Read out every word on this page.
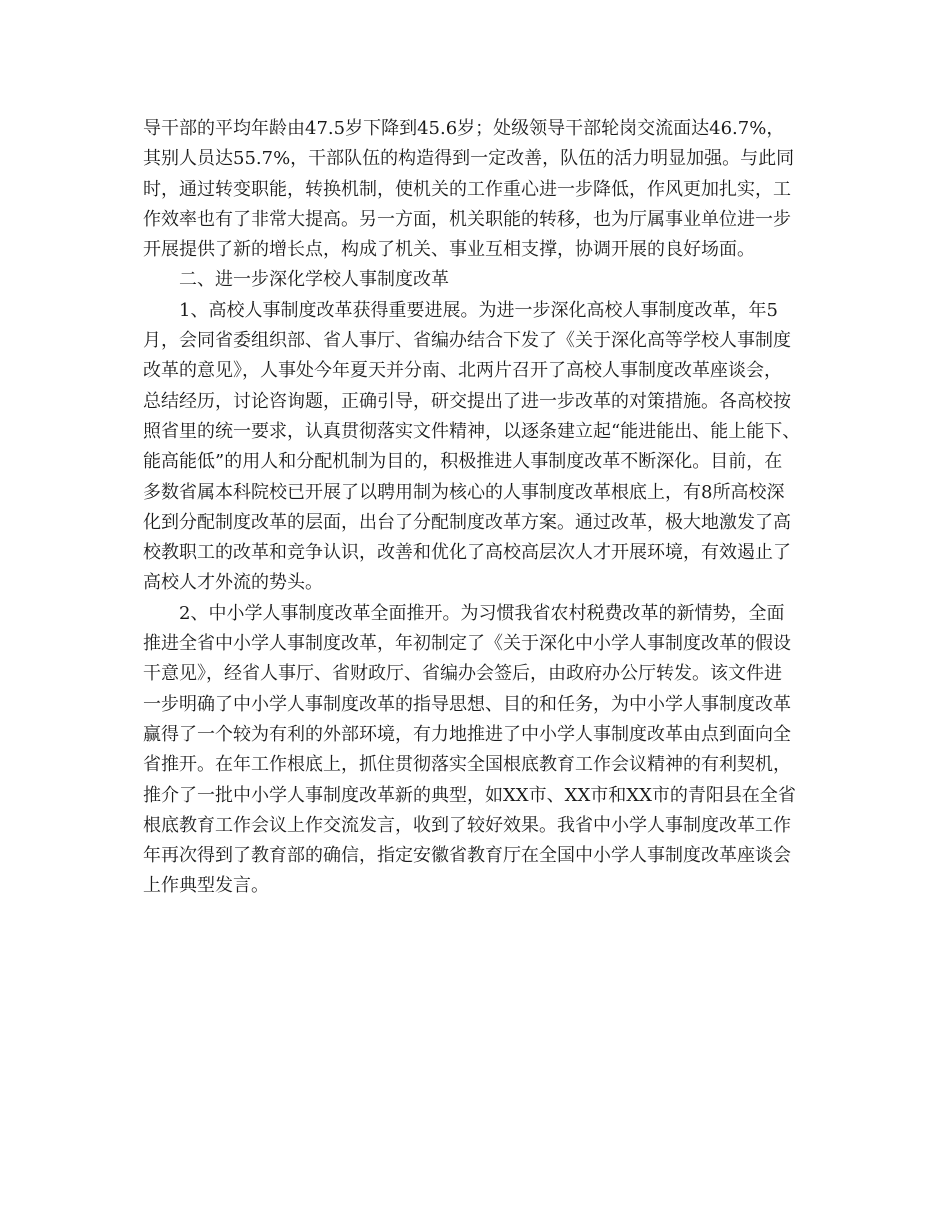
导干部的平均年龄由47.5岁下降到45.6岁；处级领导干部轮岗交流面达46.7%，
其别人员达55.7%，干部队伍的构造得到一定改善，队伍的活力明显加强。与此同
时，通过转变职能，转换机制，使机关的工作重心进一步降低，作风更加扎实，工
作效率也有了非常大提高。另一方面，机关职能的转移，也为厅属事业单位进一步
开展提供了新的增长点，构成了机关、事业互相支撑，协调开展的良好场面。
二、进一步深化学校人事制度改革
1、高校人事制度改革获得重要进展。为进一步深化高校人事制度改革，年5
月，会同省委组织部、省人事厅、省编办结合下发了《关于深化高等学校人事制度
改革的意见》，人事处今年夏天并分南、北两片召开了高校人事制度改革座谈会，
总结经历，讨论咨询题，正确引导，研交提出了进一步改革的对策措施。各高校按
照省里的统一要求，认真贯彻落实文件精神，以逐条建立起“能进能出、能上能下、
能高能低”的用人和分配机制为目的，积极推进人事制度改革不断深化。目前，在
多数省属本科院校已开展了以聘用制为核心的人事制度改革根底上，有8所高校深
化到分配制度改革的层面，出台了分配制度改革方案。通过改革，极大地激发了高
校教职工的改革和竞争认识，改善和优化了高校高层次人才开展环境，有效遏止了
高校人才外流的势头。
2、中小学人事制度改革全面推开。为习惯我省农村税费改革的新情势，全面
推进全省中小学人事制度改革，年初制定了《关于深化中小学人事制度改革的假设
干意见》，经省人事厅、省财政厅、省编办会签后，由政府办公厅转发。该文件进
一步明确了中小学人事制度改革的指导思想、目的和任务，为中小学人事制度改革
赢得了一个较为有利的外部环境，有力地推进了中小学人事制度改革由点到面向全
省推开。在年工作根底上，抓住贯彻落实全国根底教育工作会议精神的有利契机，
推介了一批中小学人事制度改革新的典型，如XX市、XX市和XX市的青阳县在全省
根底教育工作会议上作交流发言，收到了较好效果。我省中小学人事制度改革工作
年再次得到了教育部的确信，指定安徽省教育厅在全国中小学人事制度改革座谈会
上作典型发言。
